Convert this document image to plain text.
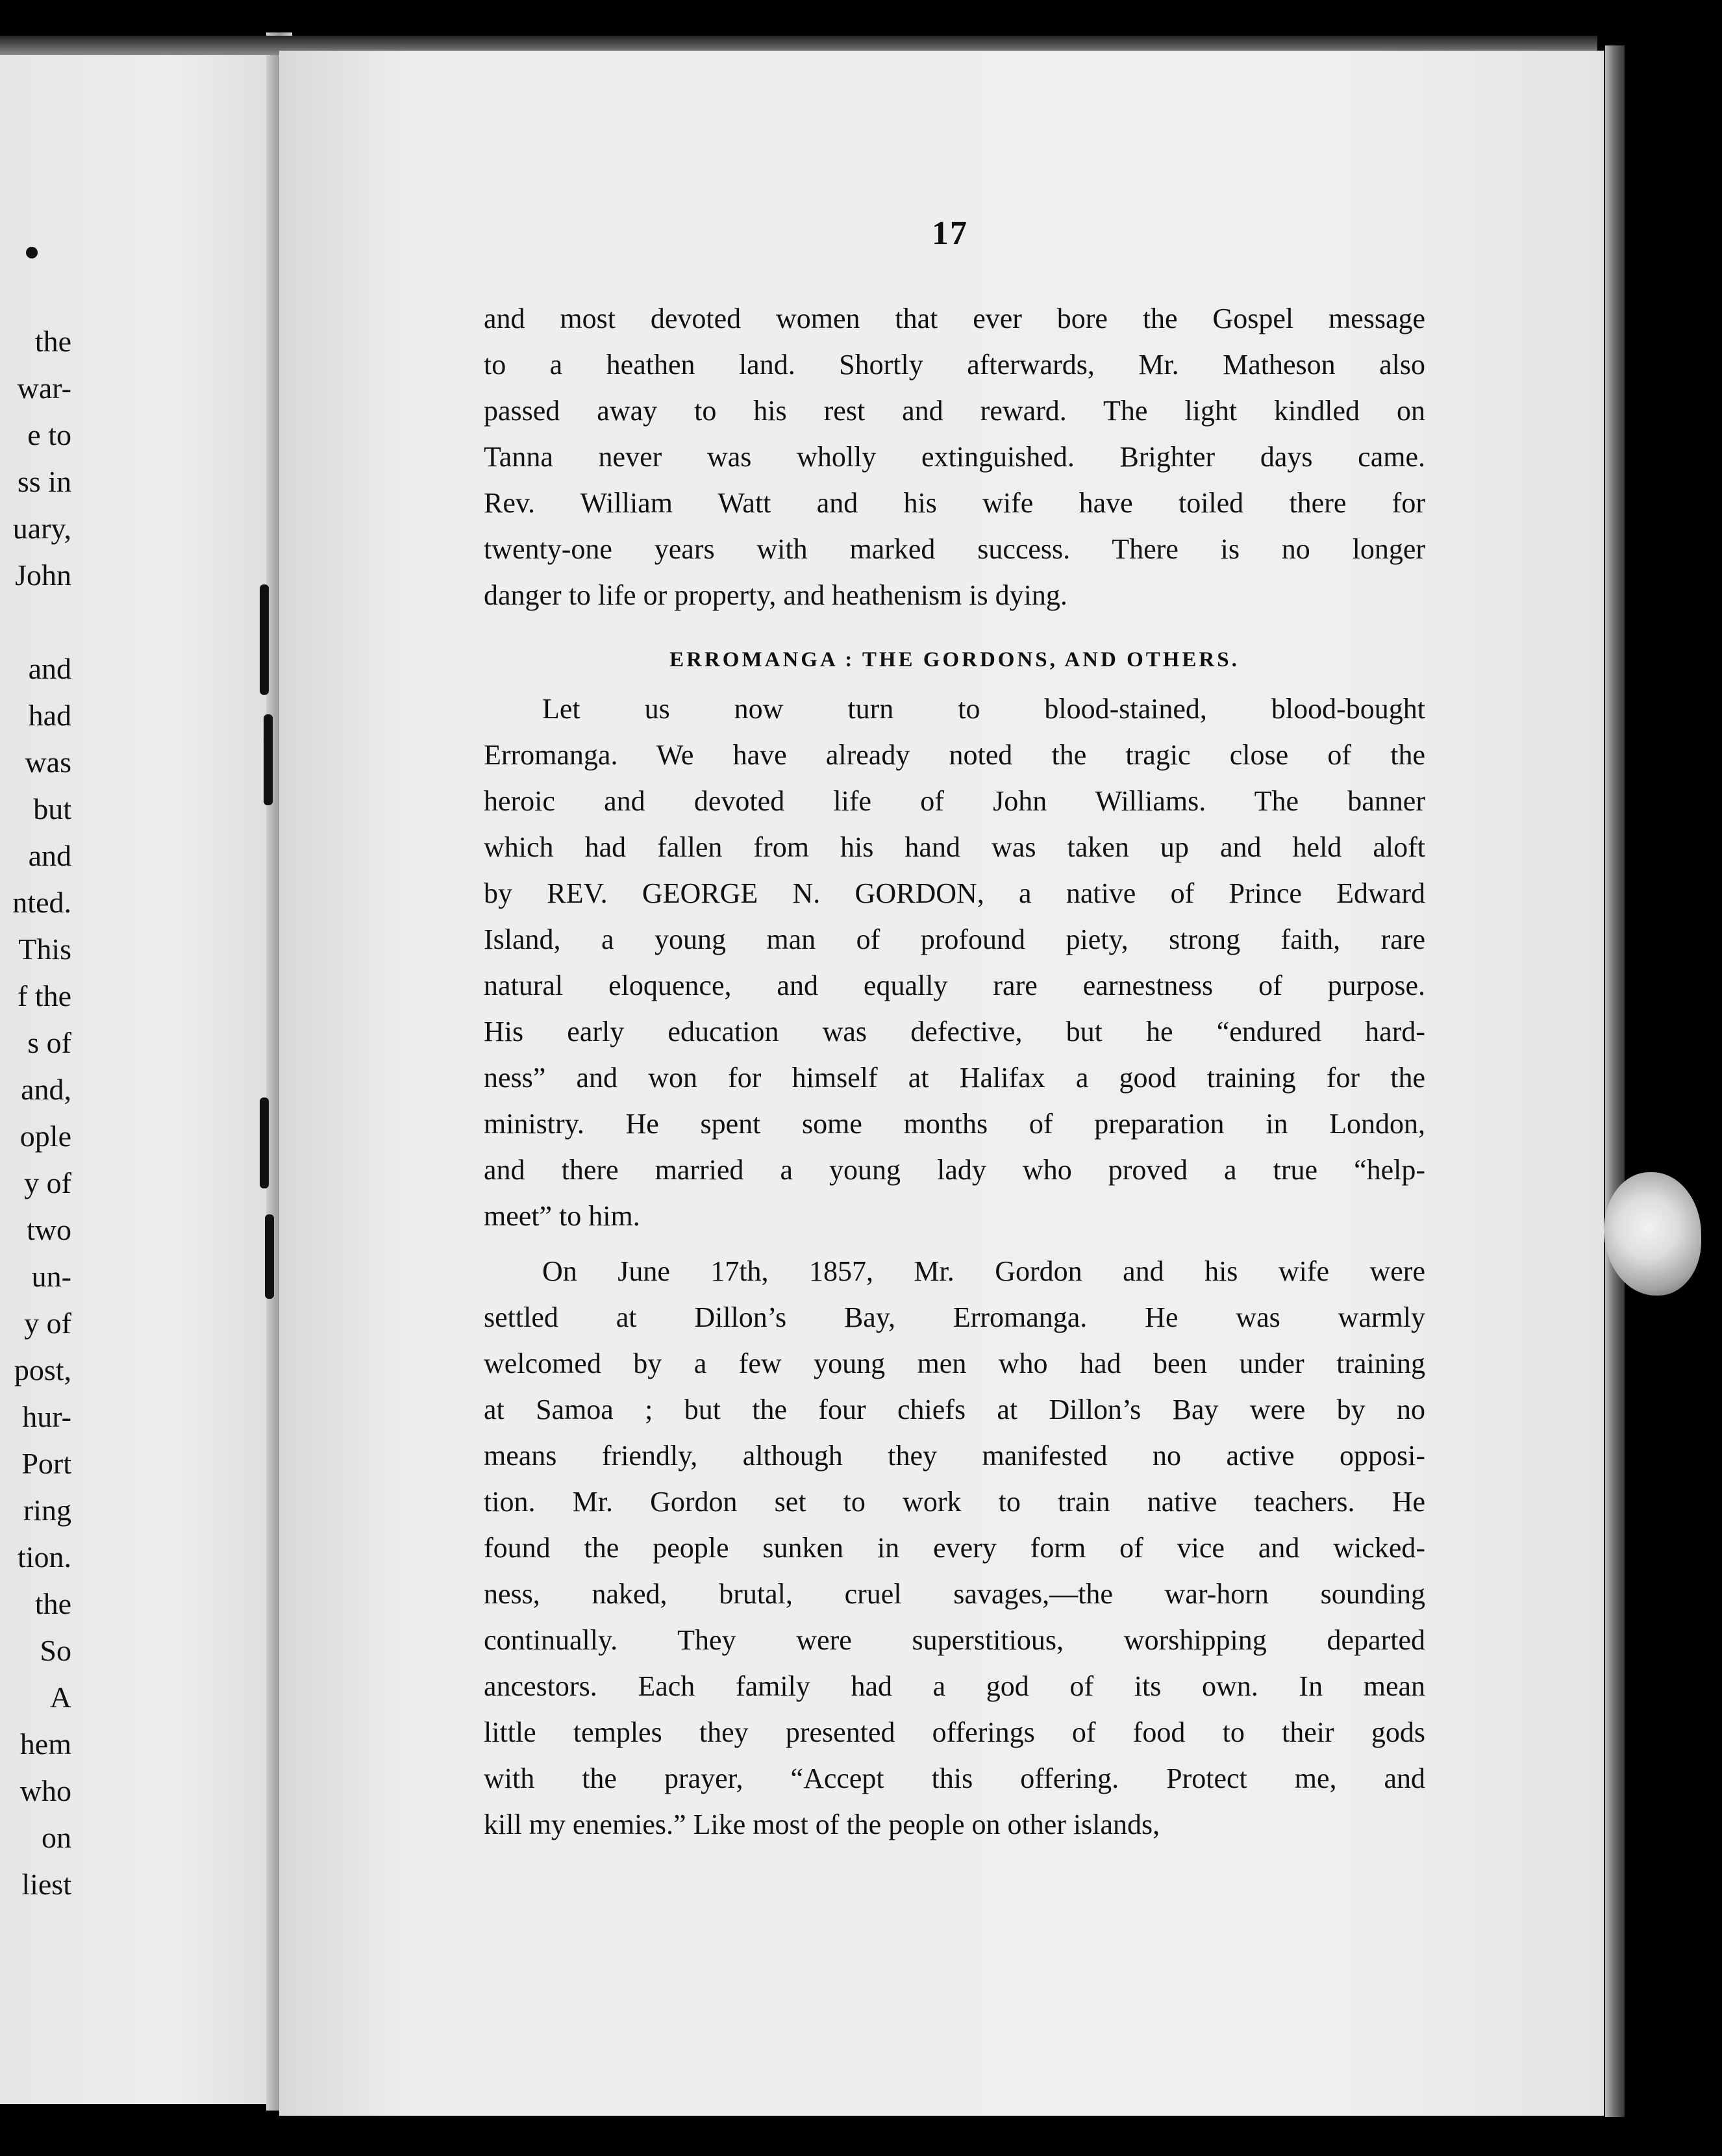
the
war-
e to
ss in
uary,
John
and
had
was
but
and
nted.
This
f the
s of
and,
ople
y of
two
un-
y of
post,
hur-
Port
ring
tion.
the
So
A
hem
who
on
liest
17
and most devoted women that ever bore the Gospel message
to a heathen land. Shortly afterwards, Mr. Matheson also
passed away to his rest and reward. The light kindled on
Tanna never was wholly extinguished. Brighter days came.
Rev. William Watt and his wife have toiled there for
twenty-one years with marked success. There is no longer
danger to life or property, and heathenism is dying.
ERROMANGA : THE GORDONS, AND OTHERS.
Let us now turn to blood-stained, blood-bought
Erromanga. We have already noted the tragic close of the
heroic and devoted life of John Williams. The banner
which had fallen from his hand was taken up and held aloft
by REV. GEORGE N. GORDON, a native of Prince Edward
Island, a young man of profound piety, strong faith, rare
natural eloquence, and equally rare earnestness of purpose.
His early education was defective, but he “endured hard-
ness” and won for himself at Halifax a good training for the
ministry. He spent some months of preparation in London,
and there married a young lady who proved a true “help-
meet” to him.
On June 17th, 1857, Mr. Gordon and his wife were
settled at Dillon’s Bay, Erromanga. He was warmly
welcomed by a few young men who had been under training
at Samoa ; but the four chiefs at Dillon’s Bay were by no
means friendly, although they manifested no active opposi-
tion. Mr. Gordon set to work to train native teachers. He
found the people sunken in every form of vice and wicked-
ness, naked, brutal, cruel savages,—the war-horn sounding
continually. They were superstitious, worshipping departed
ancestors. Each family had a god of its own. In mean
little temples they presented offerings of food to their gods
with the prayer, “Accept this offering. Protect me, and
kill my enemies.” Like most of the people on other islands,
